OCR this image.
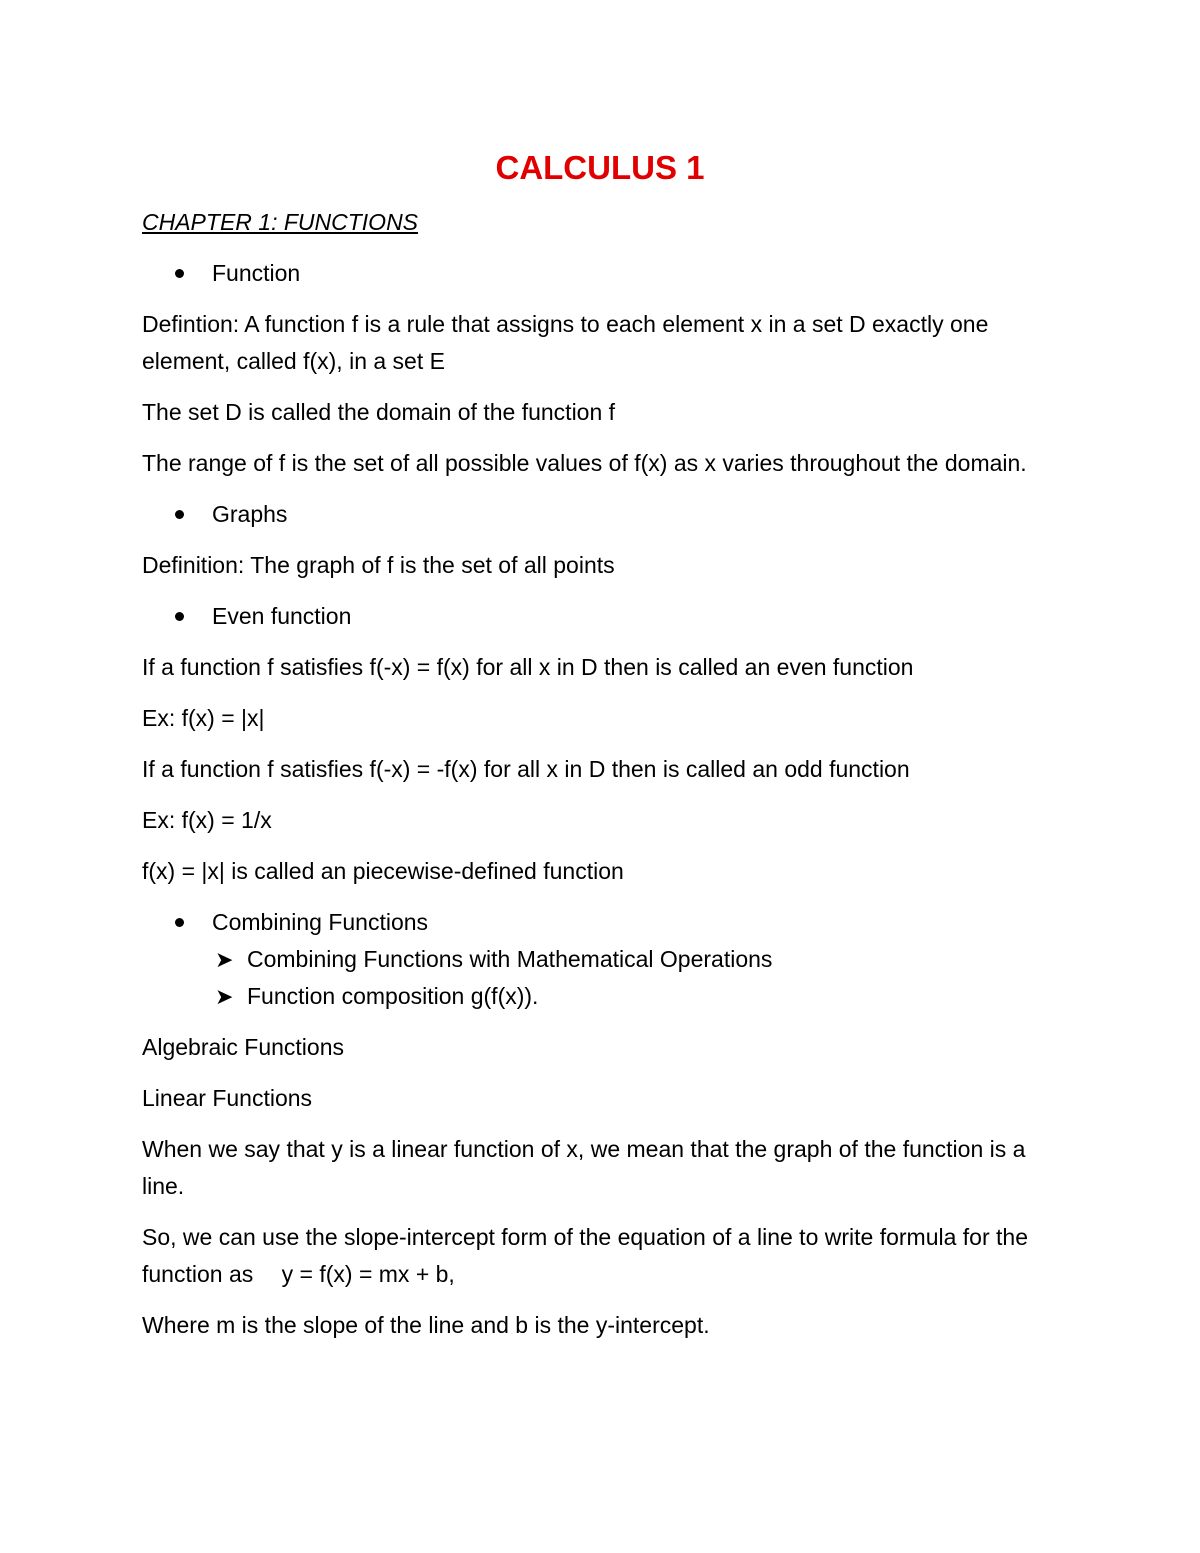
CALCULUS 1

CHAPTER 1: FUNCTIONS

Function

Defintion: A function f is a rule that assigns to each element x in a set D exactly one element, called f(x), in a set E

The set D is called the domain of the function f

The range of f is the set of all possible values of f(x) as x varies throughout the domain.

Graphs

Definition: The graph of f is the set of all points

Even function

If a function f satisfies f(-x) = f(x) for all x in D then is called an even function

Ex: f(x) = |x|

If a function f satisfies f(-x) = -f(x) for all x in D then is called an odd function

Ex: f(x) = 1/x

f(x) = |x| is called an piecewise-defined function

Combining Functions
➤ Combining Functions with Mathematical Operations
➤ Function composition g(f(x)).

Algebraic Functions

Linear Functions

When we say that y is a linear function of x, we mean that the graph of the function is a line.

So, we can use the slope-intercept form of the equation of a line to write formula for the function as y = f(x) = mx + b,

Where m is the slope of the line and b is the y-intercept.
